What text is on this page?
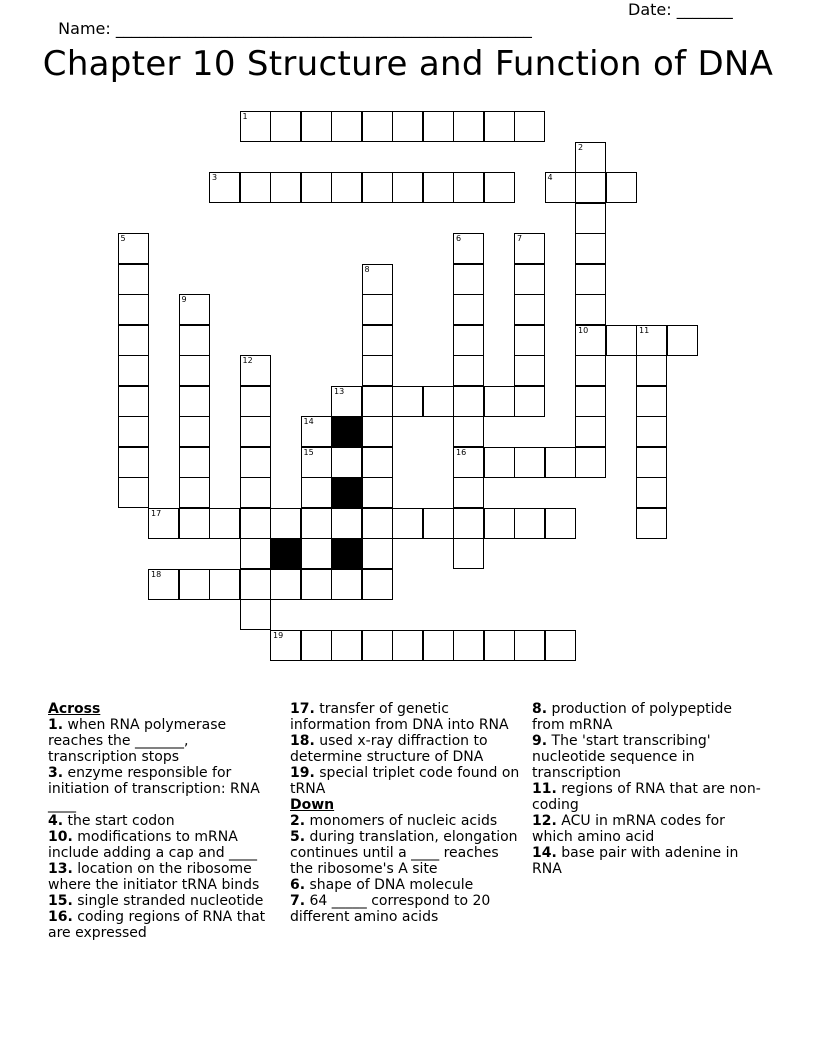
Name: ____________________________________________________

Date: _______

Chapter 10 Structure and Function of DNA
1
2
3	4
5	6	7
8
9
10	11
12
13
14
15	16
17
18
19
Across
1. when RNA polymerase reaches the _______, transcription stops
3. enzyme responsible for initiation of transcription: RNA ____
4. the start codon
10. modifications to mRNA include adding a cap and ____
13. location on the ribosome where the initiator tRNA binds
15. single stranded nucleotide
16. coding regions of RNA that are expressed
17. transfer of genetic information from DNA into RNA
18. used x-ray diffraction to determine structure of DNA
19. special triplet code found on tRNA
Down
2. monomers of nucleic acids
5. during translation, elongation continues until a ____ reaches the ribosome's A site
6. shape of DNA molecule
7. 64 _____ correspond to 20 different amino acids
8. production of polypeptide from mRNA
9. The 'start transcribing' nucleotide sequence in transcription
11. regions of RNA that are non-coding
12. ACU in mRNA codes for which amino acid
14. base pair with adenine in RNA
